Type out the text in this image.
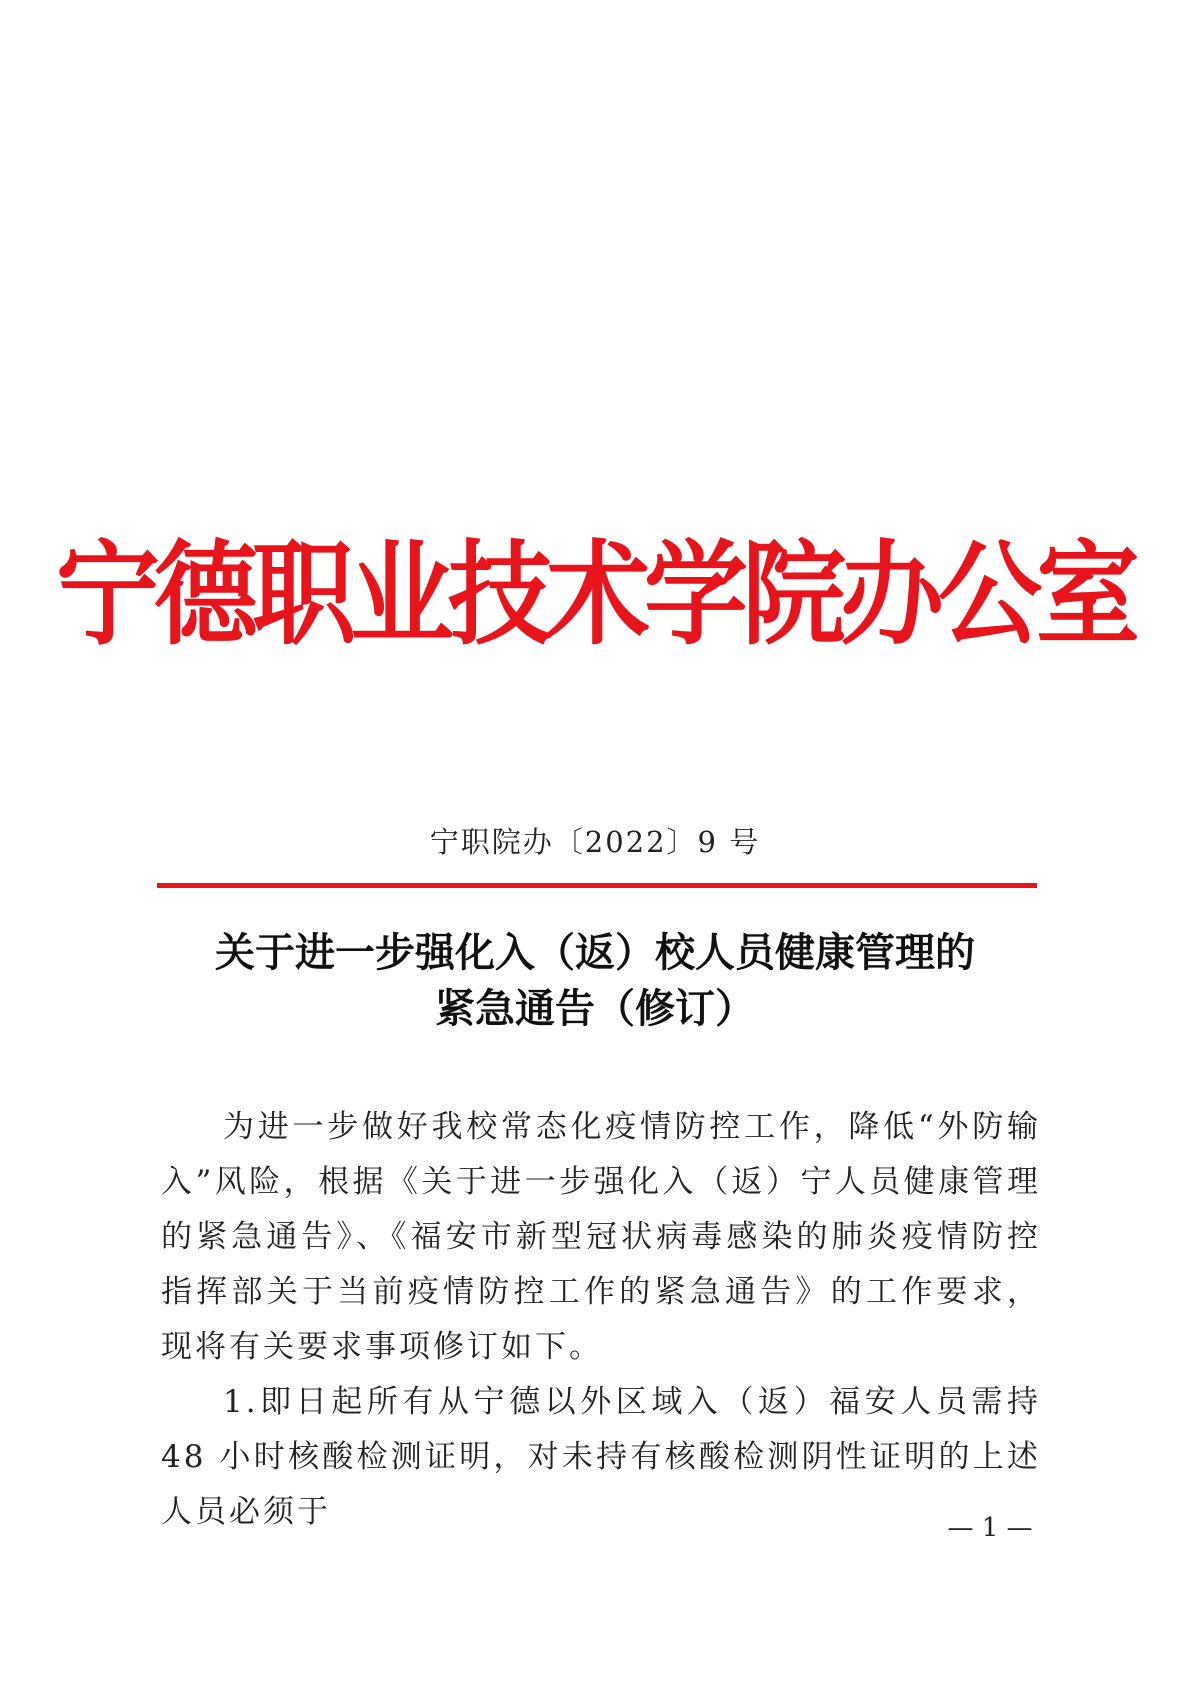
宁德职业技术学院办公室
宁职院办〔2022〕9 号
关于进一步强化入（返）校人员健康管理的
紧急通告（修订）

为进一步做好我校常态化疫情防控工作，降低“外防输入”风险，根据《关于进一步强化入（返）宁人员健康管理的紧急通告》、《福安市新型冠状病毒感染的肺炎疫情防控指挥部关于当前疫情防控工作的紧急通告》的工作要求，现将有关要求事项修订如下。

1.即日起所有从宁德以外区域入（返）福安人员需持 48 小时核酸检测证明，对未持有核酸检测阴性证明的上述人员必须于	— 1 —
